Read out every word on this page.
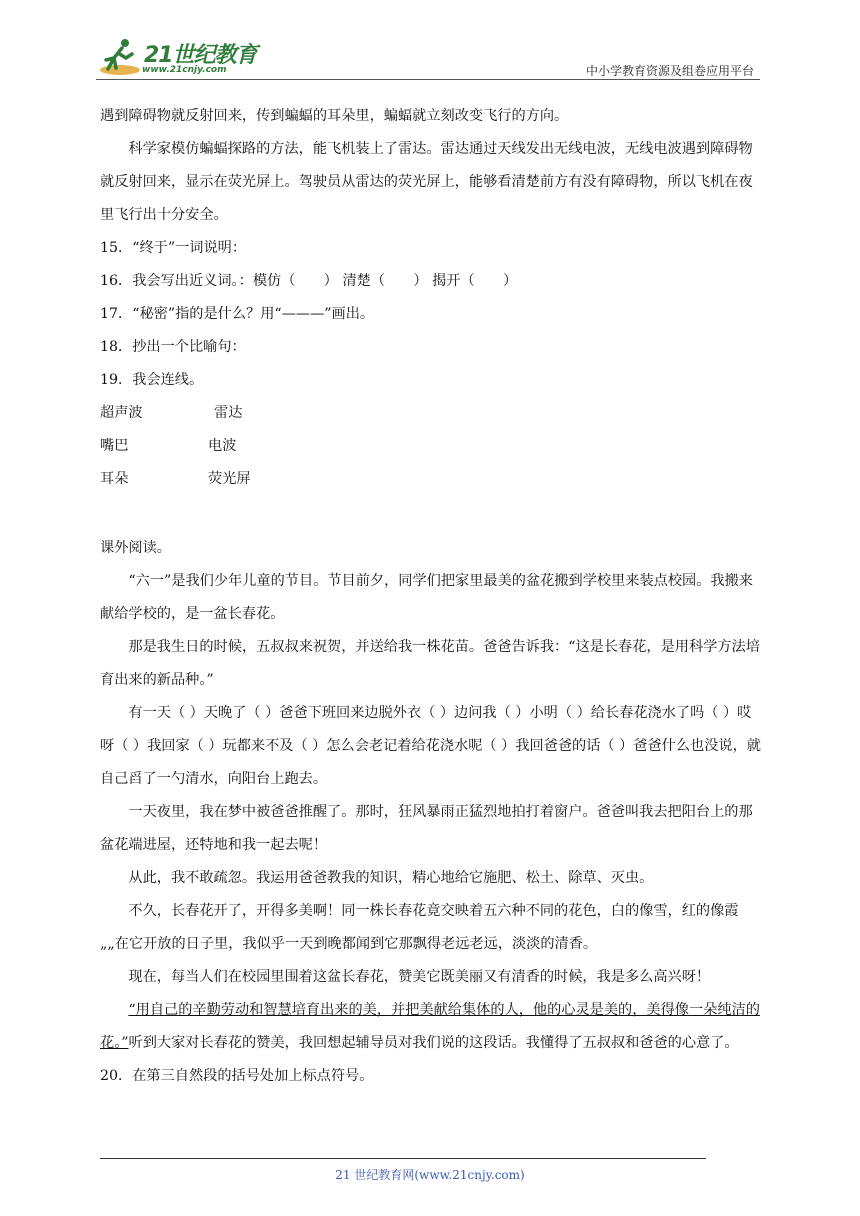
21世纪教育
www.21cnjy.com	中小学教育资源及组卷应用平台

遇到障碍物就反射回来，传到蝙蝠的耳朵里，蝙蝠就立刻改变飞行的方向。

科学家模仿蝙蝠探路的方法，能飞机装上了雷达。雷达通过天线发出无线电波，无线电波遇到障碍物就反射回来，显示在荧光屏上。驾驶员从雷达的荧光屏上，能够看清楚前方有没有障碍物，所以飞机在夜里飞行出十分安全。

15．“终于”一词说明：

16．我会写出近义词。：模仿（　　） 清楚（　　） 揭开（　　）

17．“秘密”指的是什么？用“———”画出。

18．抄出一个比喻句：

19．我会连线。

超声波	雷达
嘴巴	电波
耳朵	荧光屏

课外阅读。

“六一”是我们少年儿童的节目。节目前夕，同学们把家里最美的盆花搬到学校里来装点校园。我搬来献给学校的，是一盆长春花。

那是我生日的时候，五叔叔来祝贺，并送给我一株花苗。爸爸告诉我：“这是长春花，是用科学方法培育出来的新品种。”

有一天（ ）天晚了（ ）爸爸下班回来边脱外衣（ ）边问我（ ）小明（ ）给长春花浇水了吗（ ）哎呀（ ）我回家（ ）玩都来不及（ ）怎么会老记着给花浇水呢（ ）我回爸爸的话（ ）爸爸什么也没说，就自己舀了一勺清水，向阳台上跑去。

一天夜里，我在梦中被爸爸推醒了。那时，狂风暴雨正猛烈地拍打着窗户。爸爸叫我去把阳台上的那盆花端进屋，还特地和我一起去呢！

从此，我不敢疏忽。我运用爸爸教我的知识，精心地给它施肥、松土、除草、灭虫。

不久，长春花开了，开得多美啊！同一株长春花竟交映着五六种不同的花色，白的像雪，红的像霞„„在它开放的日子里，我似乎一天到晚都闻到它那飘得老远老远，淡淡的清香。

现在，每当人们在校园里围着这盆长春花，赞美它既美丽又有清香的时候，我是多么高兴呀！

“用自己的辛勤劳动和智慧培育出来的美，并把美献给集体的人，他的心灵是美的，美得像一朵纯洁的花。”听到大家对长春花的赞美，我回想起辅导员对我们说的这段话。我懂得了五叔叔和爸爸的心意了。

20．在第三自然段的括号处加上标点符号。

21 世纪教育网(www.21cnjy.com)
